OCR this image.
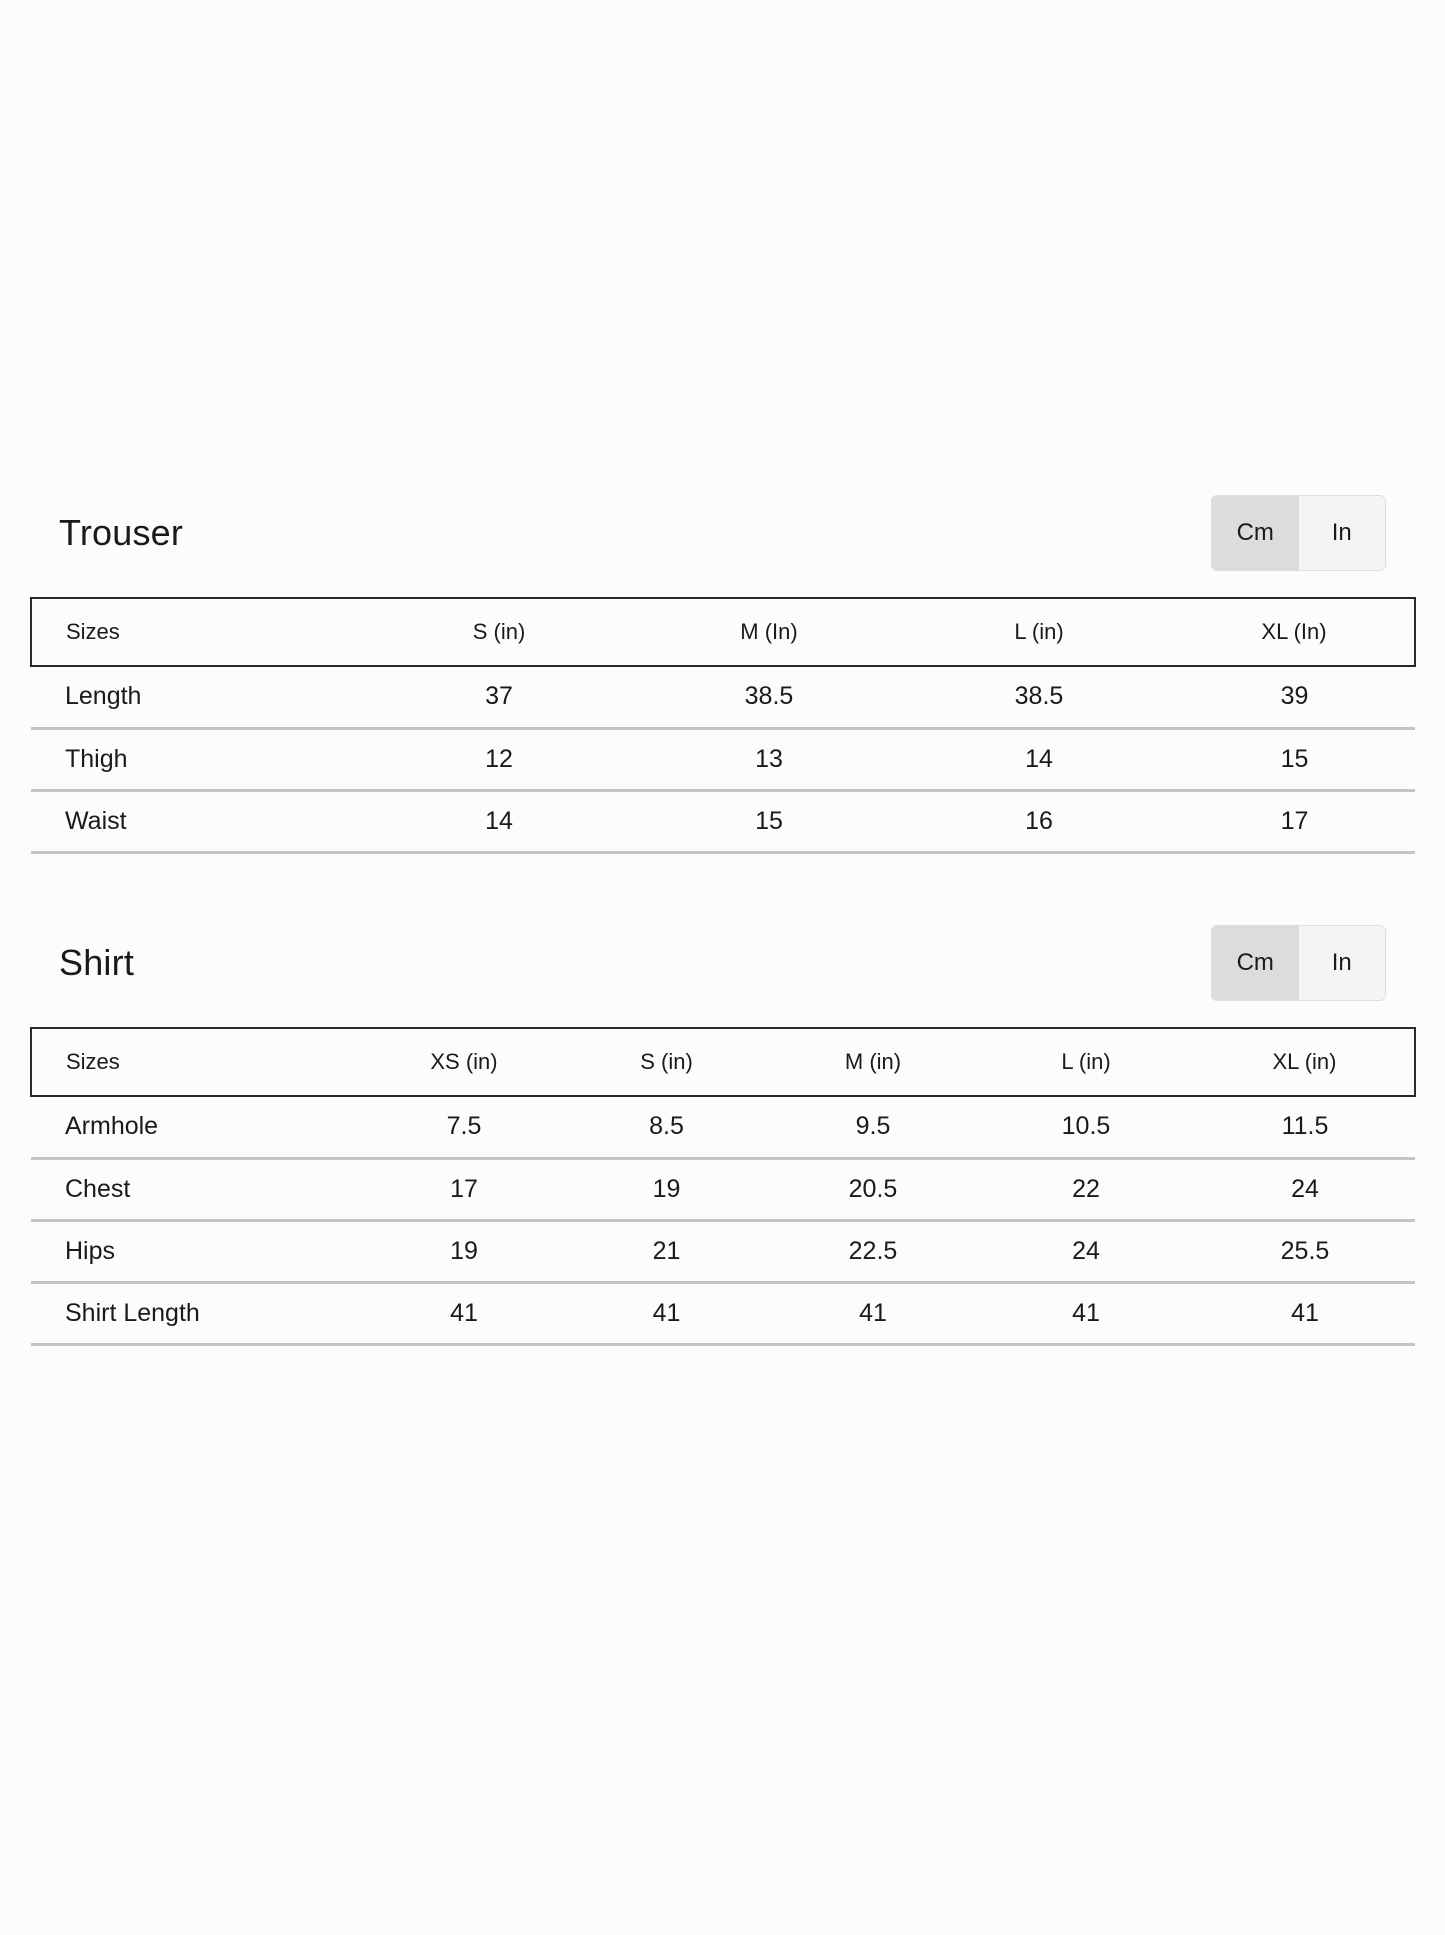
Trouser	Cm	In
Sizes	S (in)	M (In)	L (in)	XL (In)
Length	37	38.5	38.5	39
Thigh	12	13	14	15
Waist	14	15	16	17
Shirt	Cm	In
Sizes	XS (in)	S (in)	M (in)	L (in)	XL (in)
Armhole	7.5	8.5	9.5	10.5	11.5
Chest	17	19	20.5	22	24
Hips	19	21	22.5	24	25.5
Shirt Length	41	41	41	41	41
